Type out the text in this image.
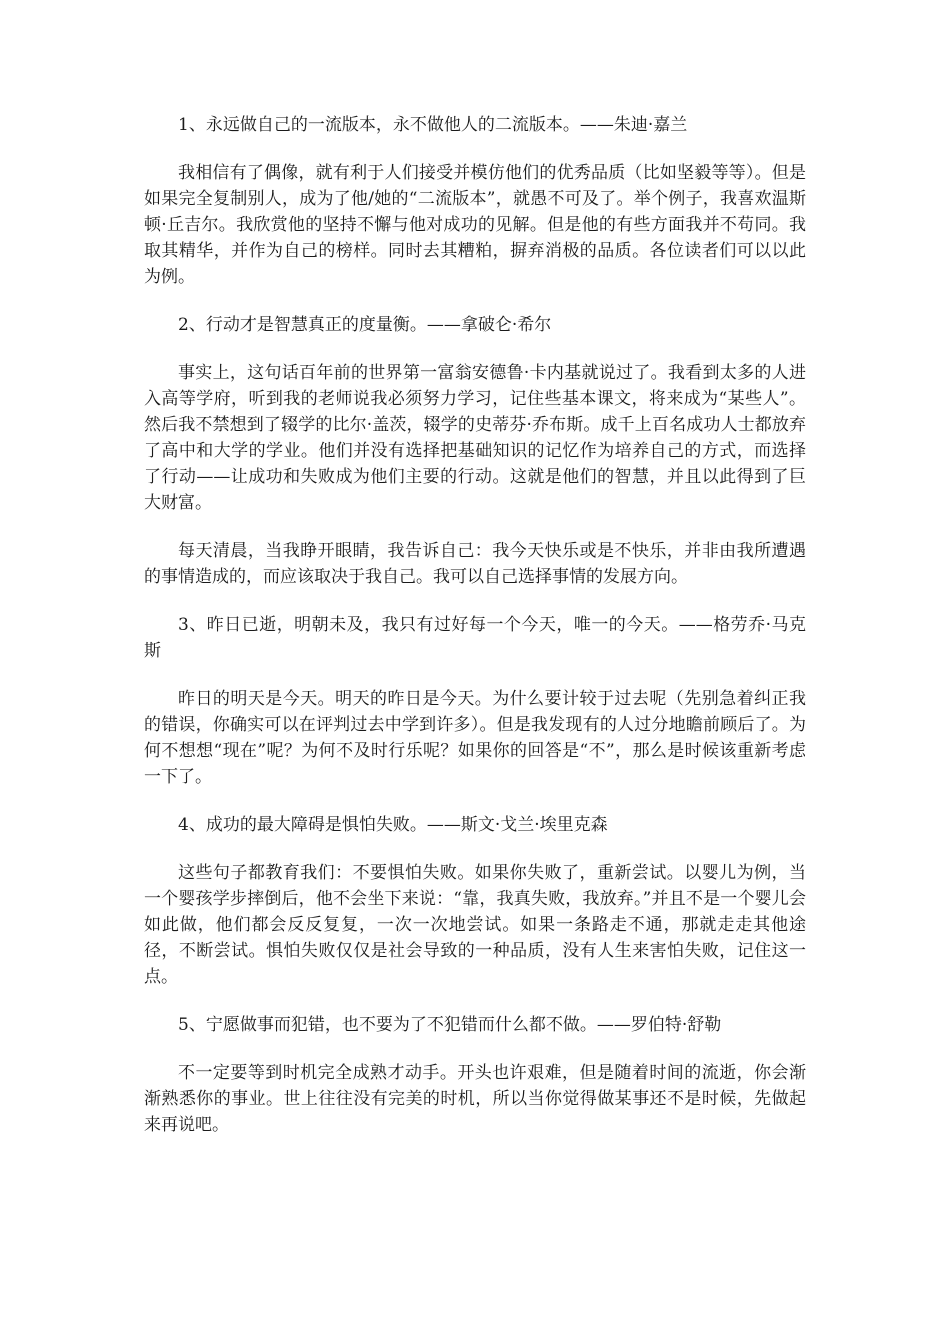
1、永远做自己的一流版本，永不做他人的二流版本。——朱迪·嘉兰

我相信有了偶像，就有利于人们接受并模仿他们的优秀品质（比如坚毅等等）。但是如果完全复制别人，成为了他/她的“二流版本”，就愚不可及了。举个例子，我喜欢温斯顿·丘吉尔。我欣赏他的坚持不懈与他对成功的见解。但是他的有些方面我并不苟同。我取其精华，并作为自己的榜样。同时去其糟粕，摒弃消极的品质。各位读者们可以以此为例。

2、行动才是智慧真正的度量衡。——拿破仑·希尔

事实上，这句话百年前的世界第一富翁安德鲁·卡内基就说过了。我看到太多的人进入高等学府，听到我的老师说我必须努力学习，记住些基本课文，将来成为“某些人”。然后我不禁想到了辍学的比尔·盖茨，辍学的史蒂芬·乔布斯。成千上百名成功人士都放弃了高中和大学的学业。他们并没有选择把基础知识的记忆作为培养自己的方式，而选择了行动——让成功和失败成为他们主要的行动。这就是他们的智慧，并且以此得到了巨大财富。

每天清晨，当我睁开眼睛，我告诉自己：我今天快乐或是不快乐，并非由我所遭遇的事情造成的，而应该取决于我自己。我可以自己选择事情的发展方向。

3、昨日已逝，明朝未及，我只有过好每一个今天，唯一的今天。——格劳乔·马克斯

昨日的明天是今天。明天的昨日是今天。为什么要计较于过去呢（先别急着纠正我的错误，你确实可以在评判过去中学到许多）。但是我发现有的人过分地瞻前顾后了。为何不想想“现在”呢？为何不及时行乐呢？如果你的回答是“不”，那么是时候该重新考虑一下了。

4、成功的最大障碍是惧怕失败。——斯文·戈兰·埃里克森

这些句子都教育我们：不要惧怕失败。如果你失败了，重新尝试。以婴儿为例，当一个婴孩学步摔倒后，他不会坐下来说：“靠，我真失败，我放弃。”并且不是一个婴儿会如此做，他们都会反反复复，一次一次地尝试。如果一条路走不通，那就走走其他途径，不断尝试。惧怕失败仅仅是社会导致的一种品质，没有人生来害怕失败，记住这一点。

5、宁愿做事而犯错，也不要为了不犯错而什么都不做。——罗伯特·舒勒

不一定要等到时机完全成熟才动手。开头也许艰难，但是随着时间的流逝，你会渐渐熟悉你的事业。世上往往没有完美的时机，所以当你觉得做某事还不是时候，先做起来再说吧。
